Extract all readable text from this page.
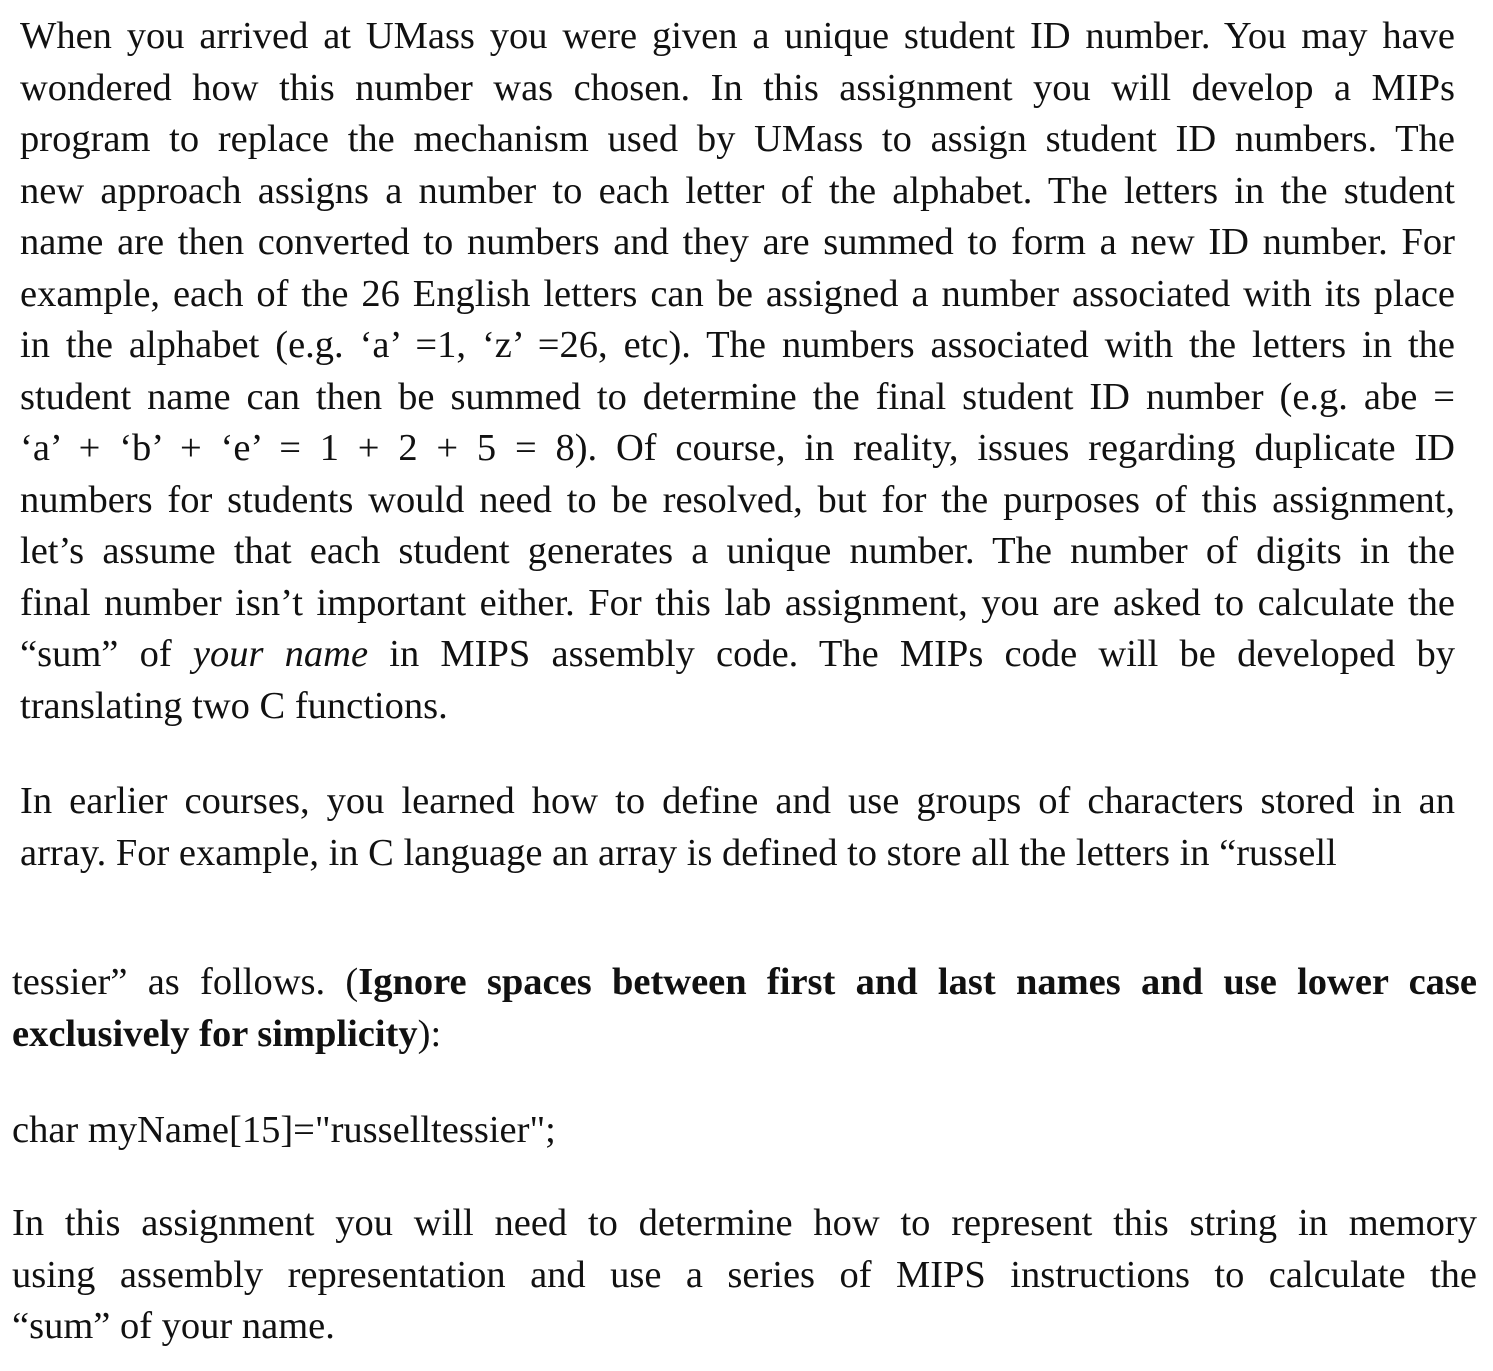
When you arrived at UMass you were given a unique student ID number. You may have
wondered how this number was chosen. In this assignment you will develop a MIPs
program to replace the mechanism used by UMass to assign student ID numbers. The
new approach assigns a number to each letter of the alphabet. The letters in the student
name are then converted to numbers and they are summed to form a new ID number. For
example, each of the 26 English letters can be assigned a number associated with its place
in the alphabet (e.g. ‘a’ =1, ‘z’ =26, etc). The numbers associated with the letters in the
student name can then be summed to determine the final student ID number (e.g. abe =
‘a’ + ‘b’ + ‘e’ = 1 + 2 + 5 = 8). Of course, in reality, issues regarding duplicate ID
numbers for students would need to be resolved, but for the purposes of this assignment,
let’s assume that each student generates a unique number. The number of digits in the
final number isn’t important either. For this lab assignment, you are asked to calculate the
“sum” of your name in MIPS assembly code. The MIPs code will be developed by
translating two C functions.
In earlier courses, you learned how to define and use groups of characters stored in an
array. For example, in C language an array is defined to store all the letters in “russell
tessier” as follows. (Ignore spaces between first and last names and use lower case
exclusively for simplicity):
char myName[15]="russelltessier";
In this assignment you will need to determine how to represent this string in memory
using assembly representation and use a series of MIPS instructions to calculate the
“sum” of your name.
